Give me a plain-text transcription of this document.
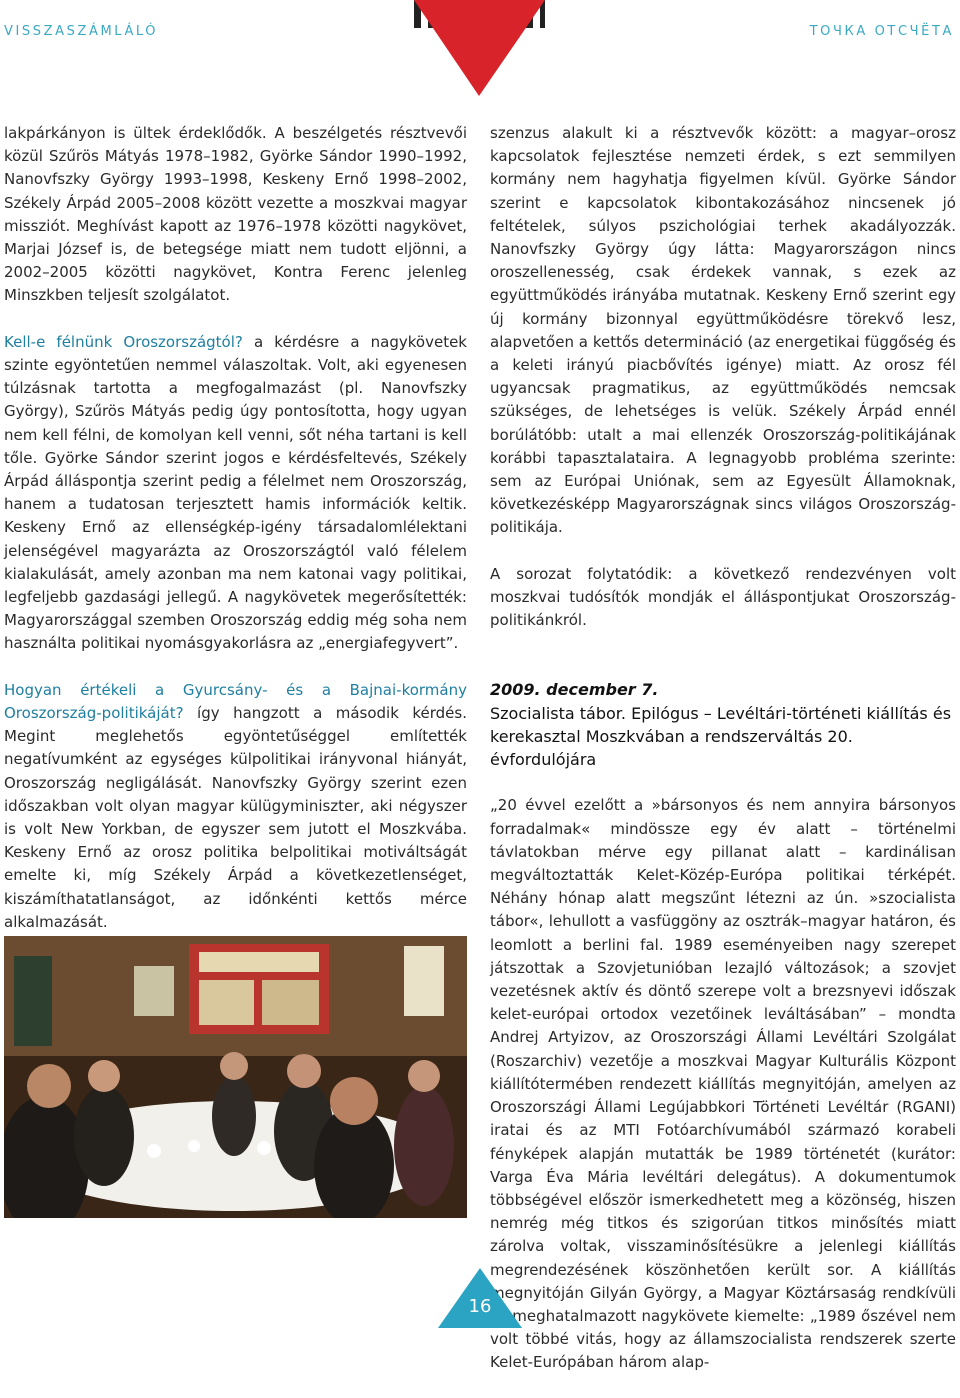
VISSZASZÁMLÁLÓ	ТОЧКА ОТСЧЁТА

lakpárkányon is ültek érdeklődők. A beszélgetés résztvevői közül Szűrös Mátyás 1978–1982, Györke Sándor 1990–1992, Nanovfszky György 1993–1998, Keskeny Ernő 1998–2002, Székely Árpád 2005–2008 között vezette a moszkvai magyar missziót. Meghívást kapott az 1976–1978 közötti nagykövet, Marjai József is, de betegsége miatt nem tudott eljönni, a 2002–2005 közötti nagykövet, Kontra Ferenc jelenleg Minszkben teljesít szolgálatot.

Kell-e félnünk Oroszországtól? a kérdésre a nagykövetek szinte egyöntetűen nemmel válaszoltak. Volt, aki egyenesen túlzásnak tartotta a megfogalmazást (pl. Nanovfszky György), Szűrös Mátyás pedig úgy pontosította, hogy ugyan nem kell félni, de komolyan kell venni, sőt néha tartani is kell tőle. Györke Sándor szerint jogos e kérdésfeltevés, Székely Árpád álláspontja szerint pedig a félelmet nem Oroszország, hanem a tudatosan terjesztett hamis információk keltik. Keskeny Ernő az ellenségkép-igény társadalomlélektani jelenségével magyarázta az Oroszországtól való félelem kialakulását, amely azonban ma nem katonai vagy politikai, legfeljebb gazdasági jellegű. A nagykövetek megerősítették: Magyarországgal szemben Oroszország eddig még soha nem használta politikai nyomásgyakorlásra az „energiafegyvert”.

Hogyan értékeli a Gyurcsány- és a Bajnai-kormány Oroszország-politikáját? így hangzott a második kérdés. Megint meglehetős egyöntetűséggel említették negatívumként az egységes külpolitikai irányvonal hiányát, Oroszország negligálását. Nanovfszky György szerint ezen időszakban volt olyan magyar külügyminiszter, aki négyszer is volt New Yorkban, de egyszer sem jutott el Moszkvába. Keskeny Ernő az orosz politika belpolitikai motiváltságát emelte ki, míg Székely Árpád a következetlenséget, kiszámíthatatlanságot, az időnkénti kettős mérce alkalmazását.

szenzus alakult ki a résztvevők között: a magyar–orosz kapcsolatok fejlesztése nemzeti érdek, s ezt semmilyen kormány nem hagyhatja figyelmen kívül. Györke Sándor szerint e kapcsolatok kibontakozásához nincsenek jó feltételek, súlyos pszichológiai terhek akadályozzák. Nanovfszky György úgy látta: Magyarországon nincs oroszellenesség, csak érdekek vannak, s ezek az együttműködés irányába mutatnak. Keskeny Ernő szerint egy új kormány bizonnyal együttműködésre törekvő lesz, alapvetően a kettős determináció (az energetikai függőség és a keleti irányú piacbővítés igénye) miatt. Az orosz fél ugyancsak pragmatikus, az együttműködés nemcsak szükséges, de lehetséges is velük. Székely Árpád ennél borúlátóbb: utalt a mai ellenzék Oroszország-politikájának korábbi tapasztalataira. A legnagyobb probléma szerinte: sem az Európai Uniónak, sem az Egyesült Államoknak, következésképp Magyarországnak sincs világos Oroszország-politikája.

A sorozat folytatódik: a következő rendezvényen volt moszkvai tudósítók mondják el álláspontjukat Oroszország-politikánkról.

2009. december 7.

Szocialista tábor. Epilógus – Levéltári-történeti kiállítás és kerekasztal Moszkvában a rendszerváltás 20. évfordulójára

„20 évvel ezelőtt a »bársonyos és nem annyira bársonyos forradalmak« mindössze egy év alatt – történelmi távlatokban mérve egy pillanat alatt – kardinálisan megváltoztatták Kelet-Közép-Európa politikai térképét. Néhány hónap alatt megszűnt létezni az ún. »szocialista tábor«, lehullott a vasfüggöny az osztrák–magyar határon, és leomlott a berlini fal. 1989 eseményeiben nagy szerepet játszottak a Szovjetunióban lezajló változások; a szovjet vezetésnek aktív és döntő szerepe volt a brezsnyevi időszak kelet-európai ortodox vezetőinek leváltásában” – mondta Andrej Artyizov, az Oroszországi Állami Levéltári Szolgálat (Roszarchiv) vezetője a moszkvai Magyar Kulturális Központ kiállítótermében rendezett kiállítás megnyitóján, amelyen az Oroszországi Állami Legújabbkori Történeti Levéltár (RGANI) iratai és az MTI Fotóarchívumából származó korabeli fényképek alapján mutatták be 1989 történetét (kurátor: Varga Éva Mária levéltári delegátus). A dokumentumok többségével először ismerkedhetett meg a közönség, hiszen nemrég még titkos és szigorúan titkos minősítés miatt zárolva voltak, visszaminősítésükre a jelenlegi kiállítás megrendezésének köszönhetően került sor. A kiállítás megnyitóján Gilyán György, a Magyar Köztársaság rendkívüli és meghatalmazott nagykövete kiemelte: „1989 őszével nem volt többé vitás, hogy az államszocialista rendszerek szerte Kelet-Európában három alap-

16
